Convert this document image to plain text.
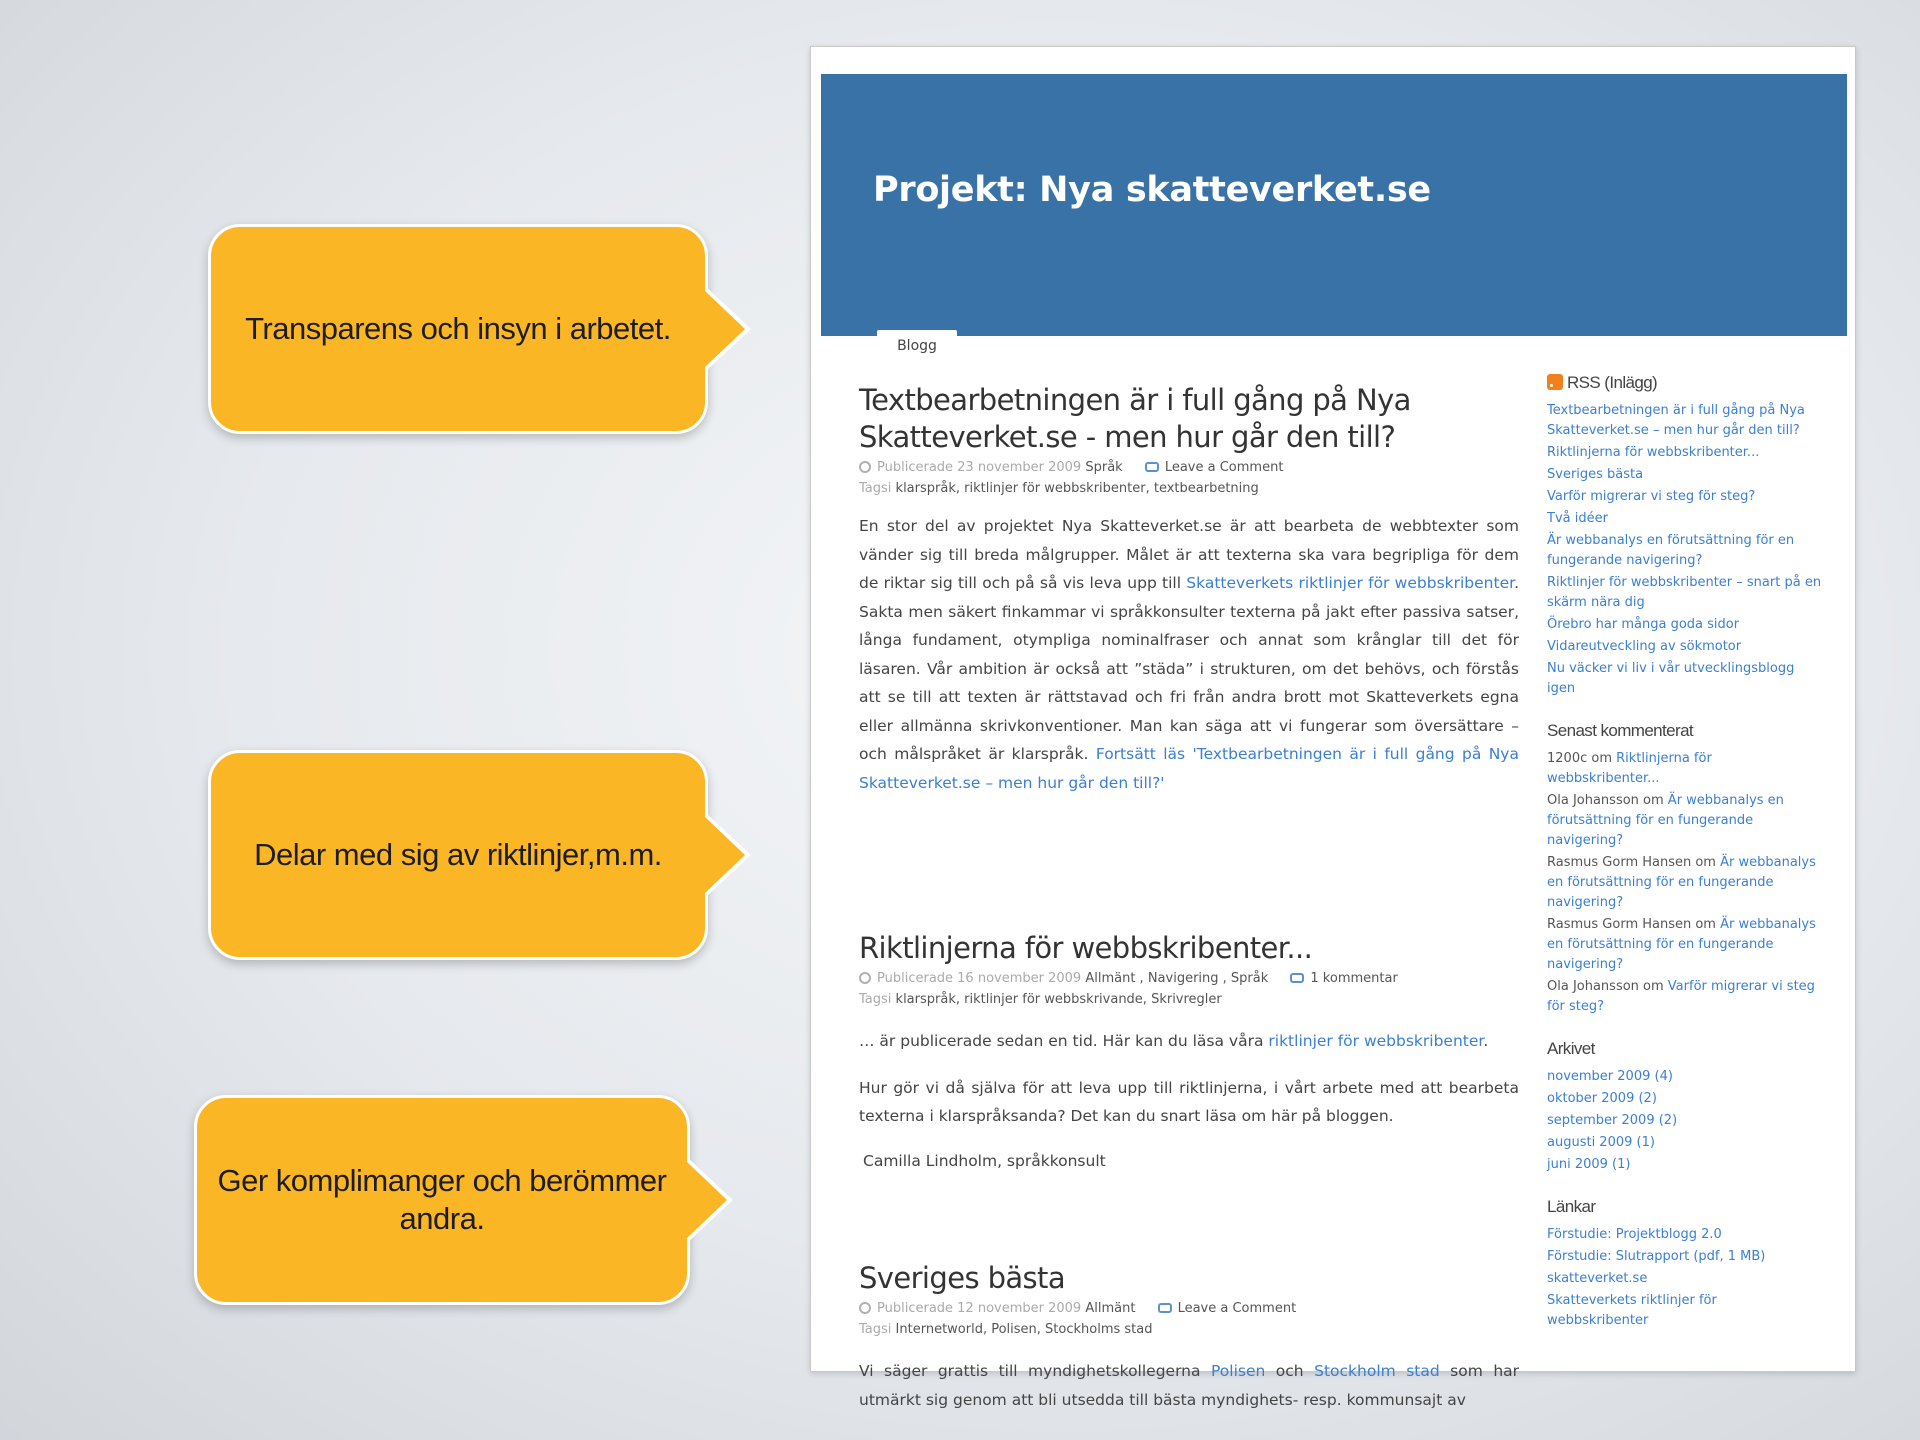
Transparens och insyn i arbetet.
Delar med sig av riktlinjer,m.m.
Ger komplimanger och berömmer andra.
Projekt: Nya skatteverket.se
Blogg	Om projektet
Textbearbetningen är i full gång på Nya Skatteverket.se - men hur går den till?
Publicerade 23 november 2009 Språk	Leave a Comment
Tagsi klarspråk, riktlinjer för webbskribenter, textbearbetning

En stor del av projektet Nya Skatteverket.se är att bearbeta de webbtexter som vänder sig till breda målgrupper. Målet är att texterna ska vara begripliga för dem de riktar sig till och på så vis leva upp till Skatteverkets riktlinjer för webbskribenter. Sakta men säkert finkammar vi språkkonsulter texterna på jakt efter passiva satser, långa fundament, otympliga nominalfraser och annat som krånglar till det för läsaren. Vår ambition är också att ”städa” i strukturen, om det behövs, och förstås att se till att texten är rättstavad och fri från andra brott mot Skatteverkets egna eller allmänna skrivkonventioner. Man kan säga att vi fungerar som översättare – och målspråket är klarspråk. Fortsätt läs 'Textbearbetningen är i full gång på Nya Skatteverket.se – men hur går den till?'

Riktlinjerna för webbskribenter...
Publicerade 16 november 2009 Allmänt , Navigering , Språk	1 kommentar
Tagsi klarspråk, riktlinjer för webbskrivande, Skrivregler

… är publicerade sedan en tid. Här kan du läsa våra riktlinjer för webbskribenter.

Hur gör vi då själva för att leva upp till riktlinjerna, i vårt arbete med att bearbeta texterna i klarspråksanda? Det kan du snart läsa om här på bloggen.

Camilla Lindholm, språkkonsult

Sveriges bästa
Publicerade 12 november 2009 Allmänt	Leave a Comment
Tagsi Internetworld, Polisen, Stockholms stad

Vi säger grattis till myndighetskollegerna Polisen och Stockholm stad som har utmärkt sig genom att bli utsedda till bästa myndighets- resp. kommunsajt av

RSS (Inlägg)
Textbearbetningen är i full gång på Nya Skatteverket.se – men hur går den till?
Riktlinjerna för webbskribenter...
Sveriges bästa
Varför migrerar vi steg för steg?
Två idéer
Är webbanalys en förutsättning för en fungerande navigering?
Riktlinjer för webbskribenter – snart på en skärm nära dig
Örebro har många goda sidor
Vidareutveckling av sökmotor
Nu väcker vi liv i vår utvecklingsblogg igen
Senast kommenterat
1200c om Riktlinjerna för webbskribenter...
Ola Johansson om Är webbanalys en förutsättning för en fungerande navigering?
Rasmus Gorm Hansen om Är webbanalys en förutsättning för en fungerande navigering?
Rasmus Gorm Hansen om Är webbanalys en förutsättning för en fungerande navigering?
Ola Johansson om Varför migrerar vi steg för steg?
Arkivet
november 2009 (4)
oktober 2009 (2)
september 2009 (2)
augusti 2009 (1)
juni 2009 (1)
Länkar
Förstudie: Projektblogg 2.0
Förstudie: Slutrapport (pdf, 1 MB)
skatteverket.se
Skatteverkets riktlinjer för webbskribenter
